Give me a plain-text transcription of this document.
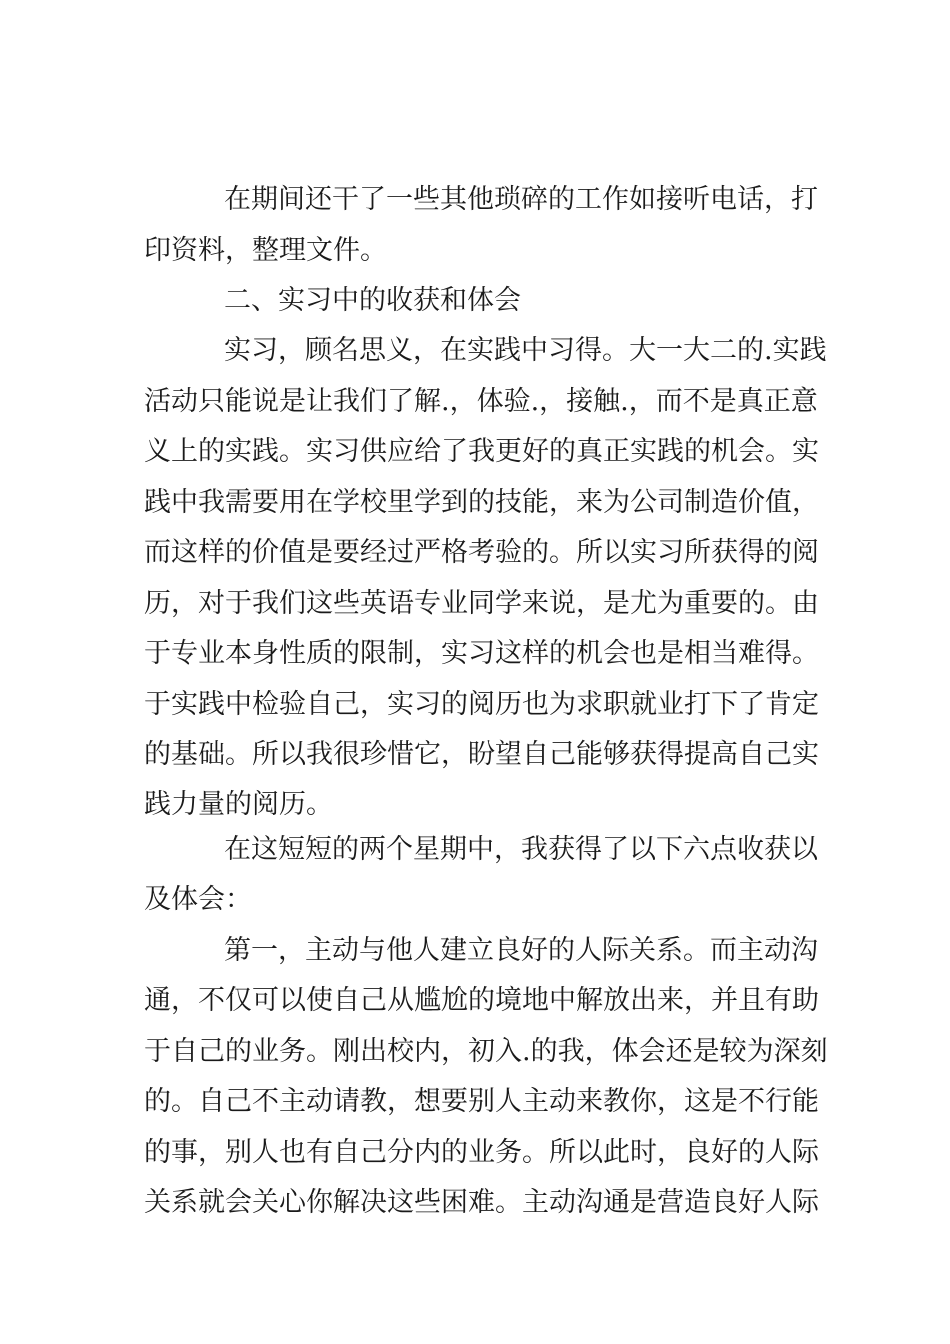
在期间还干了一些其他琐碎的工作如接听电话，打
印资料，整理文件。
二、实习中的收获和体会
实习，顾名思义，在实践中习得。大一大二的.实践
活动只能说是让我们了解.，体验.，接触.，而不是真正意
义上的实践。实习供应给了我更好的真正实践的机会。实
践中我需要用在学校里学到的技能，来为公司制造价值，
而这样的价值是要经过严格考验的。所以实习所获得的阅
历，对于我们这些英语专业同学来说，是尤为重要的。由
于专业本身性质的限制，实习这样的机会也是相当难得。
于实践中检验自己，实习的阅历也为求职就业打下了肯定
的基础。所以我很珍惜它，盼望自己能够获得提高自己实
践力量的阅历。
在这短短的两个星期中，我获得了以下六点收获以
及体会：
第一，主动与他人建立良好的人际关系。而主动沟
通，不仅可以使自己从尴尬的境地中解放出来，并且有助
于自己的业务。刚出校内，初入.的我，体会还是较为深刻
的。自己不主动请教，想要别人主动来教你，这是不行能
的事，别人也有自己分内的业务。所以此时，良好的人际
关系就会关心你解决这些困难。主动沟通是营造良好人际
